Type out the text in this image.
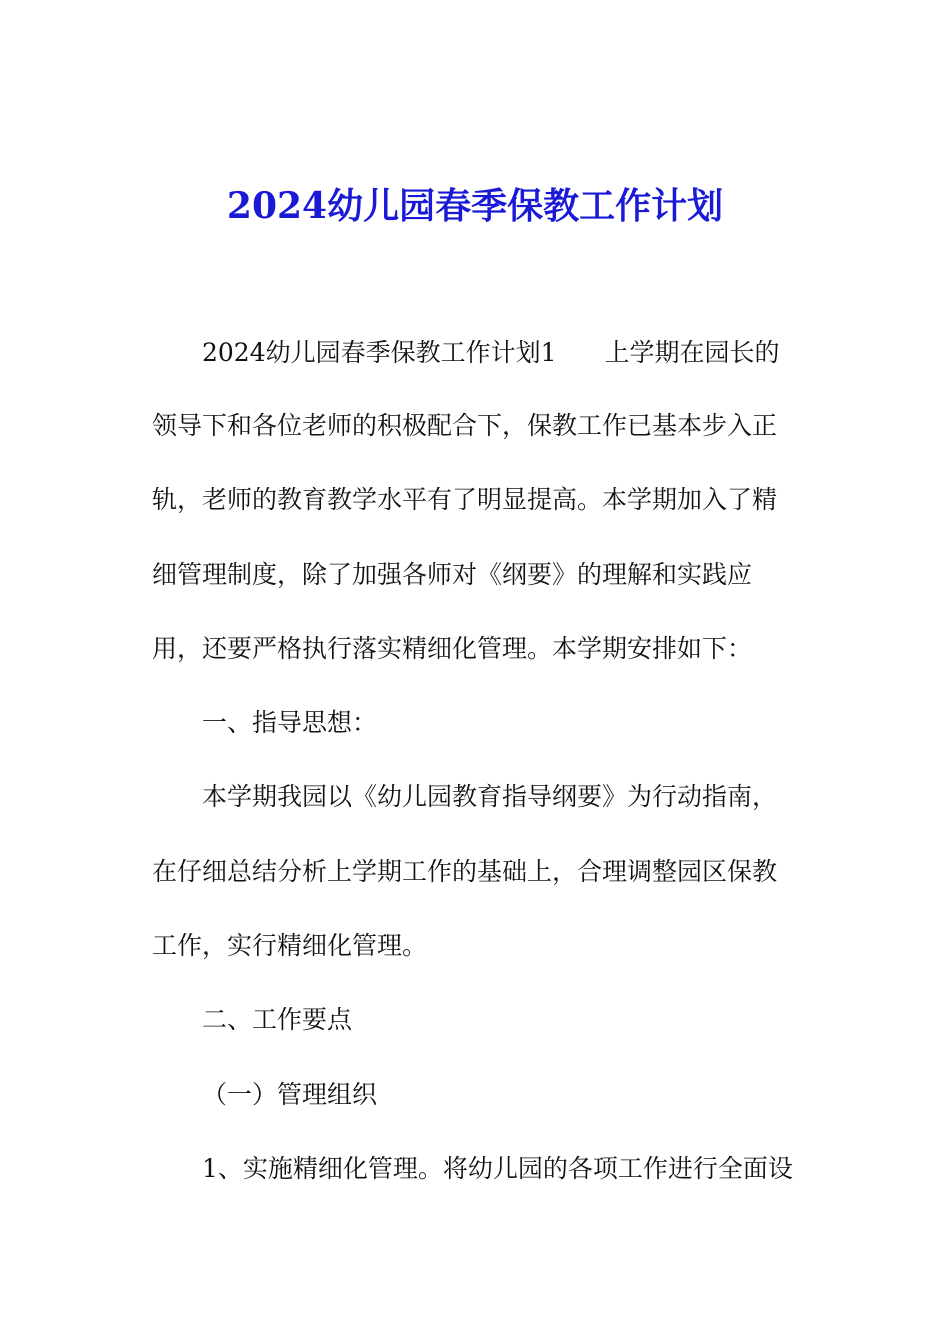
2024幼儿园春季保教工作计划
2024幼儿园春季保教工作计划1 上学期在园长的
领导下和各位老师的积极配合下，保教工作已基本步入正
轨，老师的教育教学水平有了明显提高。本学期加入了精
细管理制度，除了加强各师对《纲要》的理解和实践应
用，还要严格执行落实精细化管理。本学期安排如下：
一、指导思想：
本学期我园以《幼儿园教育指导纲要》为行动指南，
在仔细总结分析上学期工作的基础上，合理调整园区保教
工作，实行精细化管理。
二、工作要点
（一）管理组织
1、实施精细化管理。将幼儿园的各项工作进行全面设
